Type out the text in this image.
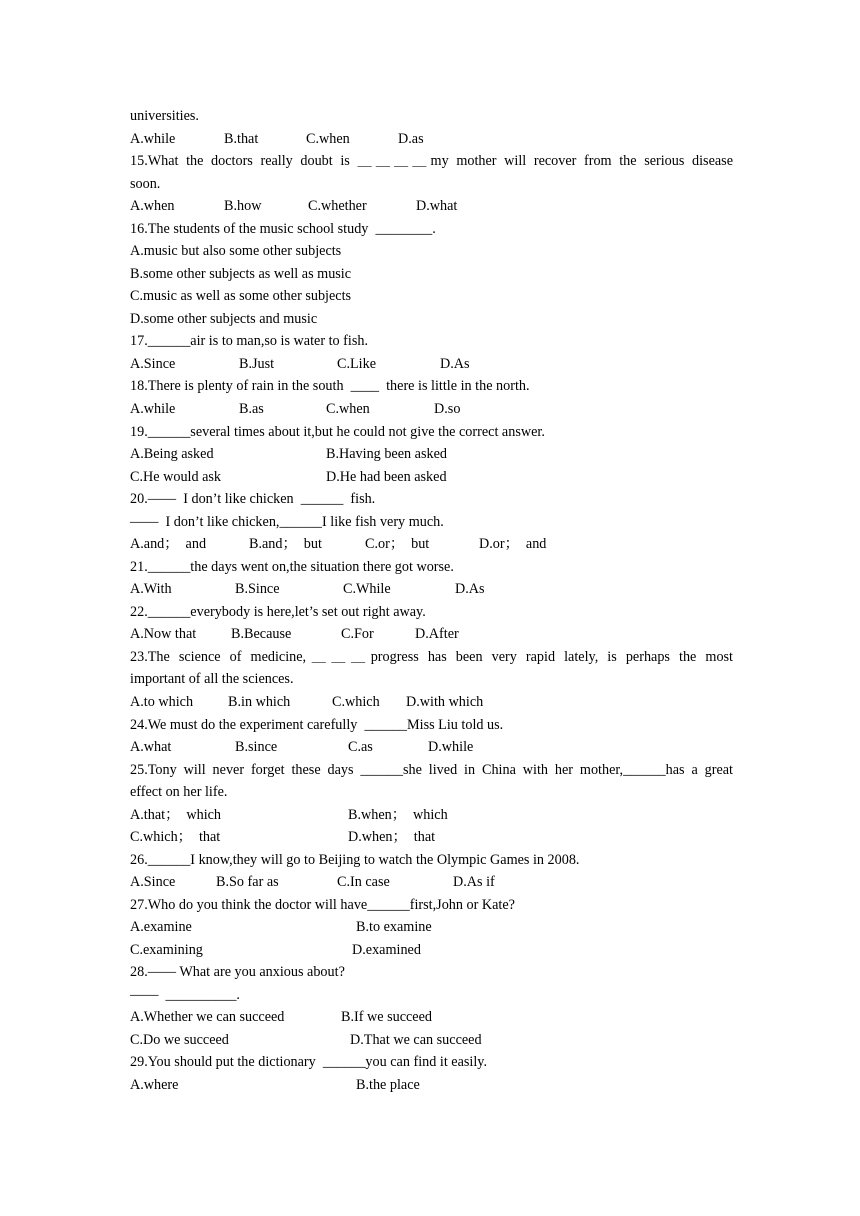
universities.
A.while	B.that	C.when	D.as
15.What the doctors really doubt is ＿＿＿＿my mother will recover from the serious disease
soon.
A.when	B.how	C.whether	D.what
16.The students of the music school study  ________.
A.music but also some other subjects
B.some other subjects as well as music
C.music as well as some other subjects
D.some other subjects and music
17.______air is to man,so is water to fish.
A.Since	B.Just	C.Like	D.As
18.There is plenty of rain in the south  ____  there is little in the north.
A.while	B.as	C.when	D.so
19.______several times about it,but he could not give the correct answer.
A.Being asked	B.Having been asked
C.He would ask	D.He had been asked
20.——  I don’t like chicken  ______  fish.
——  I don’t like chicken,______I like fish very much.
A.and；  and	B.and；  but	C.or；  but	D.or；  and
21.______the days went on,the situation there got worse.
A.With	B.Since	C.While	D.As
22.______everybody is here,let’s set out right away.
A.Now that B.Because	C.For	D.After
23.The science of medicine,＿＿＿progress has been very rapid lately, is perhaps the most
important of all the sciences.
A.to which B.in which	C.which D.with which
24.We must do the experiment carefully  ______Miss Liu told us.
A.what	B.since	C.as	D.while
25.Tony will never forget these days ______she lived in China with her mother,______has a great
effect on her life.
A.that；  which	B.when；  which
C.which；  that	D.when；  that
26.______I know,they will go to Beijing to watch the Olympic Games in 2008.
A.Since	B.So far as	C.In case	D.As if
27.Who do you think the doctor will have______first,John or Kate?
A.examine	B.to examine
C.examining	D.examined
28.—— What are you anxious about?
——  __________.
A.Whether we can succeed	B.If we succeed
C.Do we succeed	D.That we can succeed
29.You should put the dictionary  ______you can find it easily.
A.where	B.the place
